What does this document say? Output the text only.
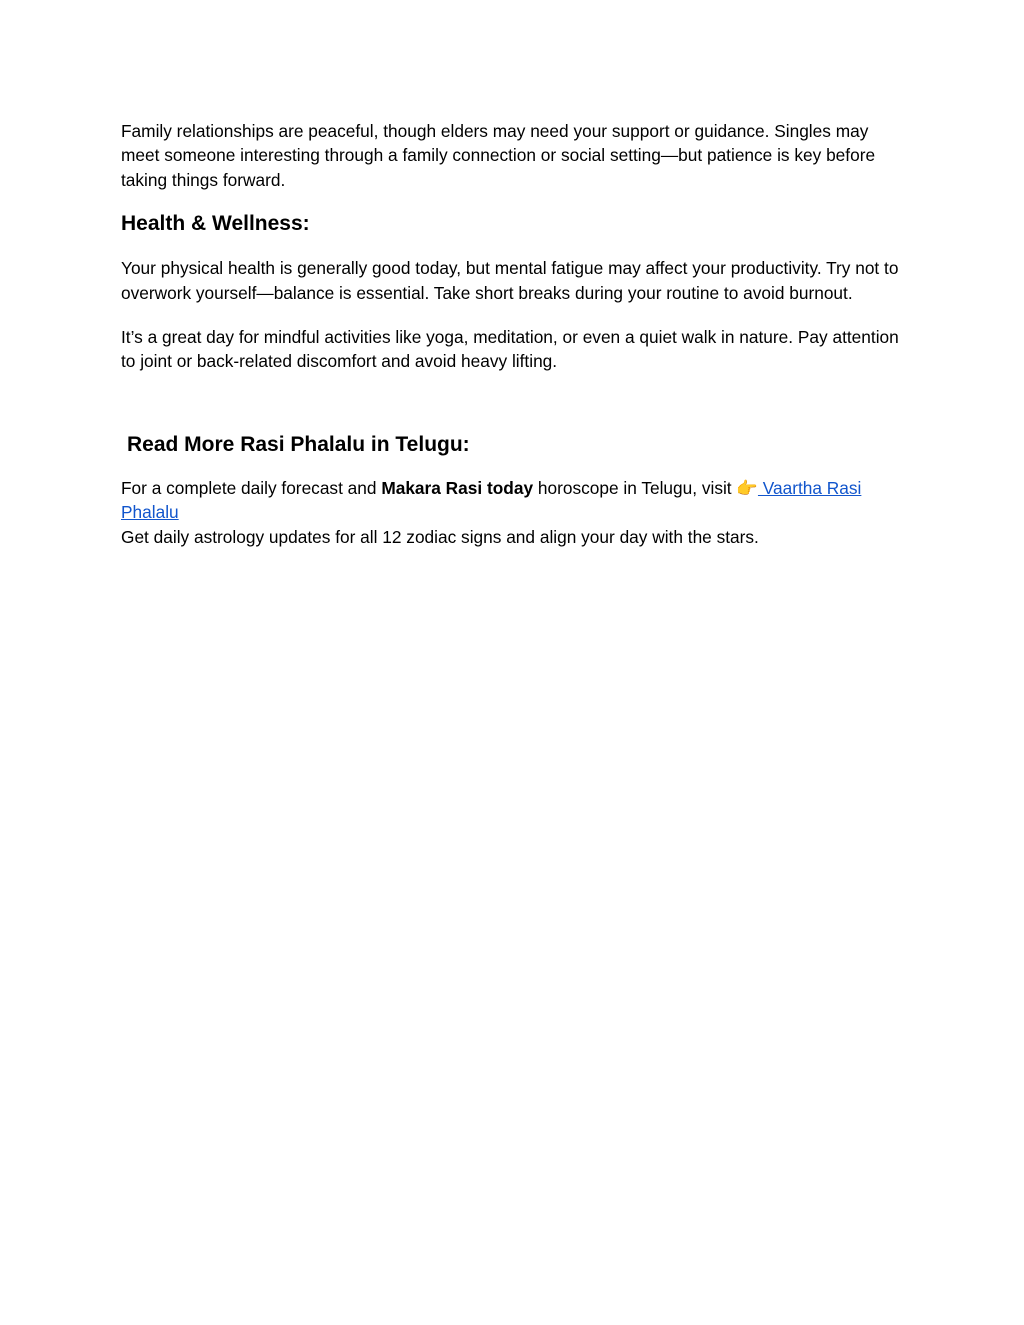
Family relationships are peaceful, though elders may need your support or guidance. Singles may meet someone interesting through a family connection or social setting—but patience is key before taking things forward.

Health & Wellness:

Your physical health is generally good today, but mental fatigue may affect your productivity. Try not to overwork yourself—balance is essential. Take short breaks during your routine to avoid burnout.

It’s a great day for mindful activities like yoga, meditation, or even a quiet walk in nature. Pay attention to joint or back-related discomfort and avoid heavy lifting.

Read More Rasi Phalalu in Telugu:

For a complete daily forecast and Makara Rasi today horoscope in Telugu, visit 👉 Vaartha Rasi Phalalu
Get daily astrology updates for all 12 zodiac signs and align your day with the stars.
